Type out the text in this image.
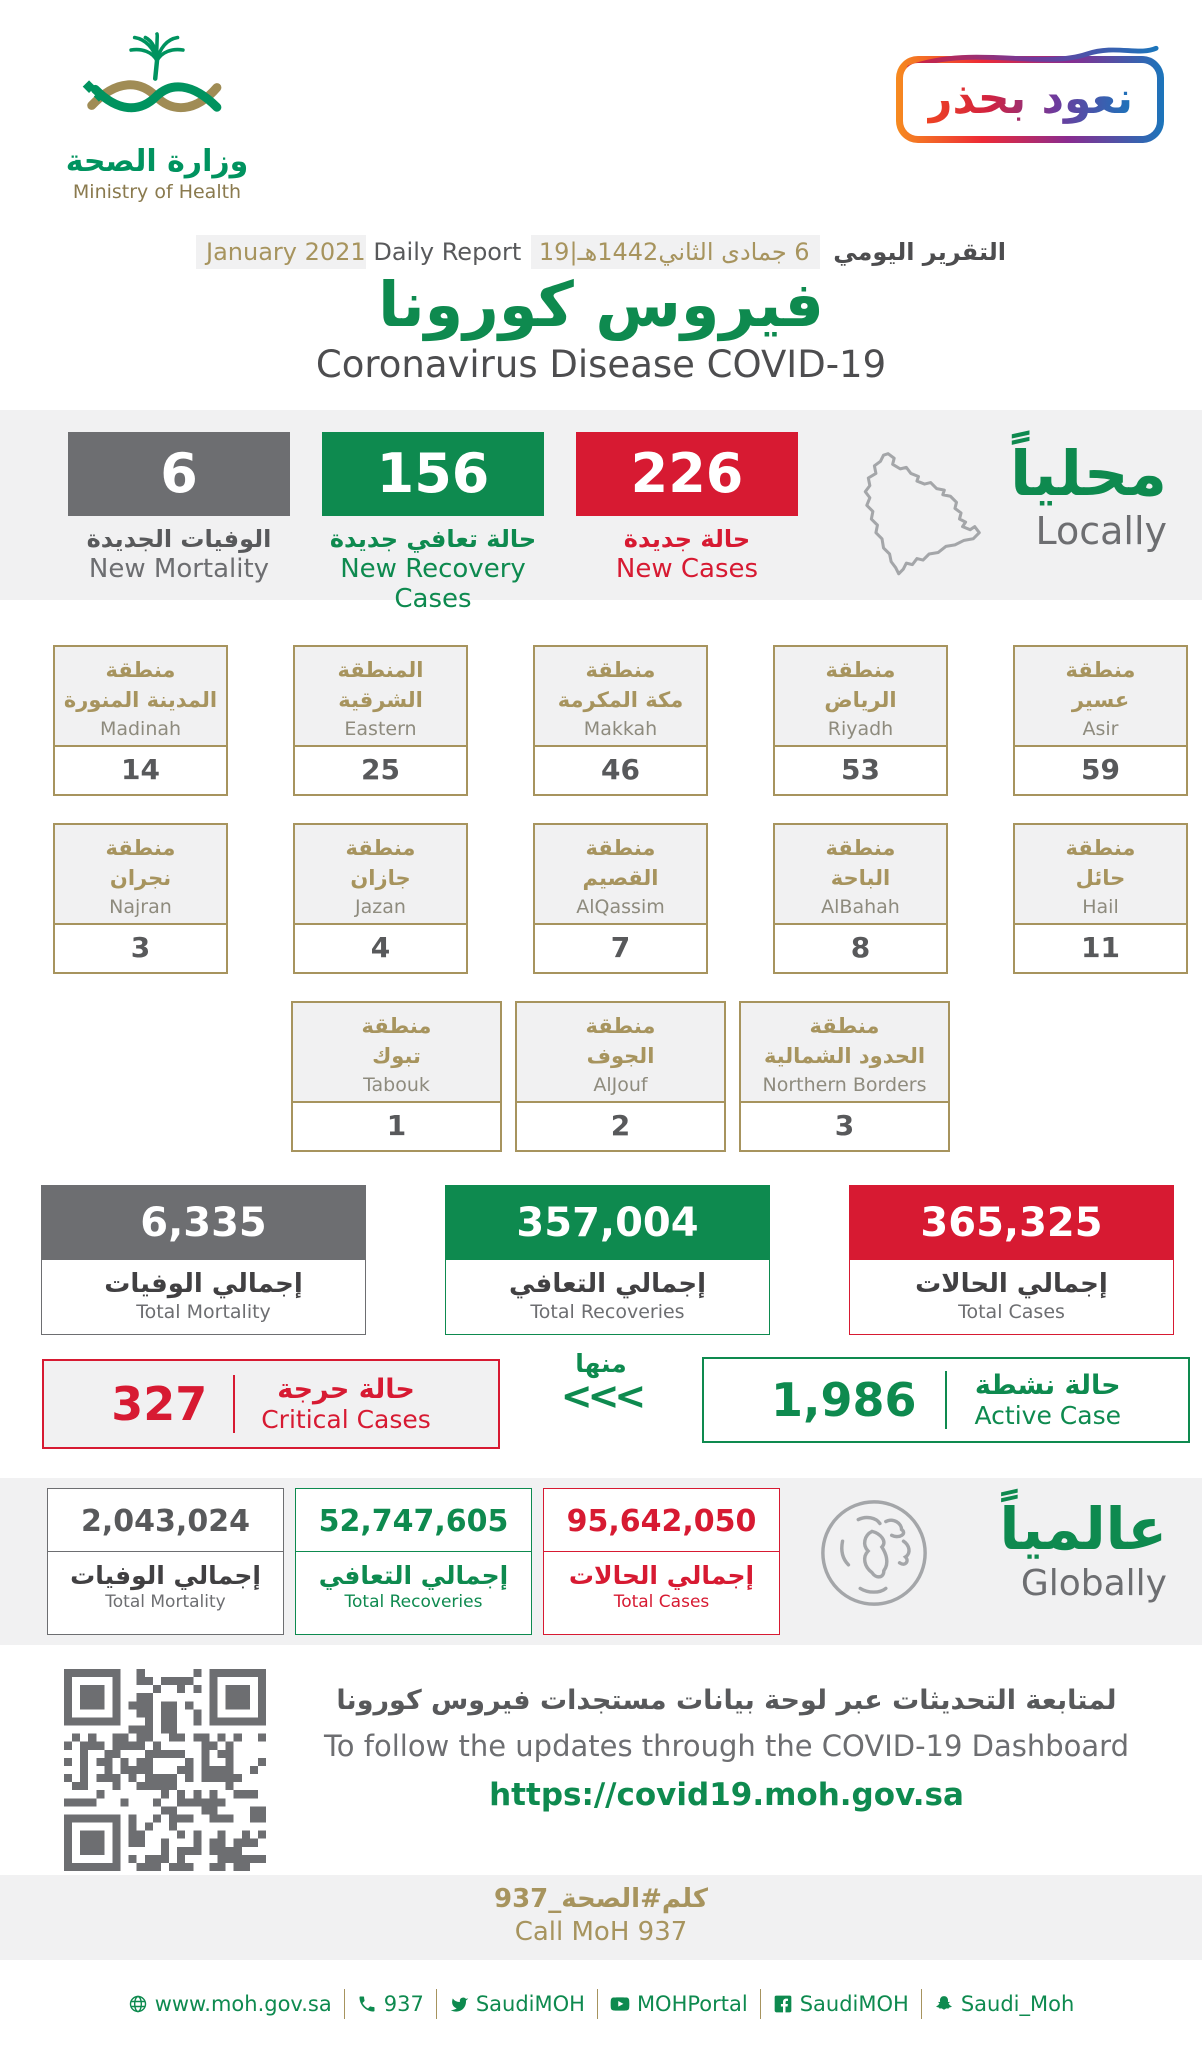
وزارة الصحة
Ministry of Health
نعود بحذر
التقرير اليومي 6 جمادى الثاني1442هـ|19 January 2021 Daily Report
فيروس كورونا
Coronavirus Disease COVID-19
6
الوفيات الجديدة
New Mortality
156
حالة تعافي جديدة
New Recovery Cases
226
حالة جديدة
New Cases
محلياً
Locally
منطقة
المدينة المنورة
Madinah
14
المنطقة
الشرقية
Eastern
25
منطقة
مكة المكرمة
Makkah
46
منطقة
الرياض
Riyadh
53
منطقة
عسير
Asir
59
منطقة
نجران
Najran
3
منطقة
جازان
Jazan
4
منطقة
القصيم
AlQassim
7
منطقة
الباحة
AlBahah
8
منطقة
حائل
Hail
11
منطقة
تبوك
Tabouk
1
منطقة
الجوف
AlJouf
2
منطقة
الحدود الشمالية
Northern Borders
3
6,335
إجمالي الوفيات
Total Mortality
357,004
إجمالي التعافي
Total Recoveries
365,325
إجمالي الحالات
Total Cases
327	حالة حرجة
Critical Cases
منها
<<<	1,986 حالة نشطة
Active Case
2,043,024
إجمالي الوفيات
Total Mortality
52,747,605
إجمالي التعافي
Total Recoveries
95,642,050
إجمالي الحالات
Total Cases
عالمياً
Globally
لمتابعة التحديثات عبر لوحة بيانات مستجدات فيروس كورونا
To follow the updates through the COVID-19 Dashboard
https://covid19.moh.gov.sa
كلم#الصحة_937
Call MoH 937
www.moh.gov.sa 937 SaudiMOH MOHPortal SaudiMOH Saudi_Moh
